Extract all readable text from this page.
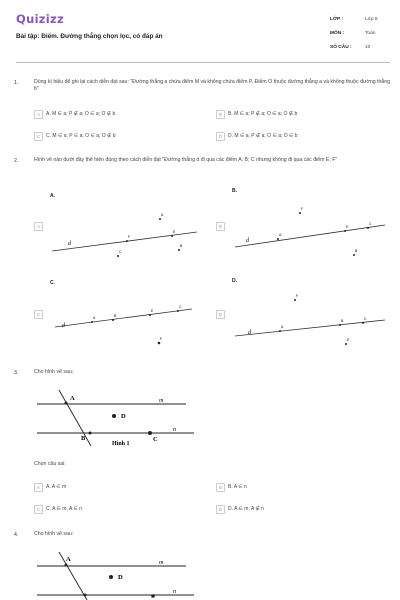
Quizizz
Bài tập: Điểm. Đường thẳng chọn lọc, có đáp án
LỚP :	Lớp 6
MÔN :	Toán
SỐ CÂU :	10
1.	Dùng kí hiệu để ghi lại cách diễn đạt sau: "Đường thẳng a chứa điểm M và không chứa điểm P. Điểm O thuộc đường thẳng a và không thuộc đường thẳng b"
A A. M ∈ a; P ∉ a; O ∈ a; O ∉ b	B B. M ∈ a; P ∉ a; O ∈ a; O ∉ b
C C. M ∈ a; P ∈ a; O ∈ a; O ∉ b	D D. M ∈ a; P ∉ a; O ∈ a; O ∈ b
2.	Hình vẽ nào dưới đây thể hiện đúng theo cách diễn đạt "Đường thẳng d đi qua các điểm A; B; C nhưng không đi qua các điểm E; F"
A.
A
d
A
F
E
C
B
B.
B
d
F
A
E
C
B
C.
C
d
A	B
E
C
F
D.
D
d
F
A
B	C
E
3.	Cho hình vẽ sau:
A
B	C
D
m
n
Hình 1
Chọn câu sai:
A A. A ∈ m	B B. A ∈ n
C C. A ∈ m, A ∈ n	D D. A ∈ m, A ∉ n
4.	Cho hình vẽ sau:
A
D
m
n
